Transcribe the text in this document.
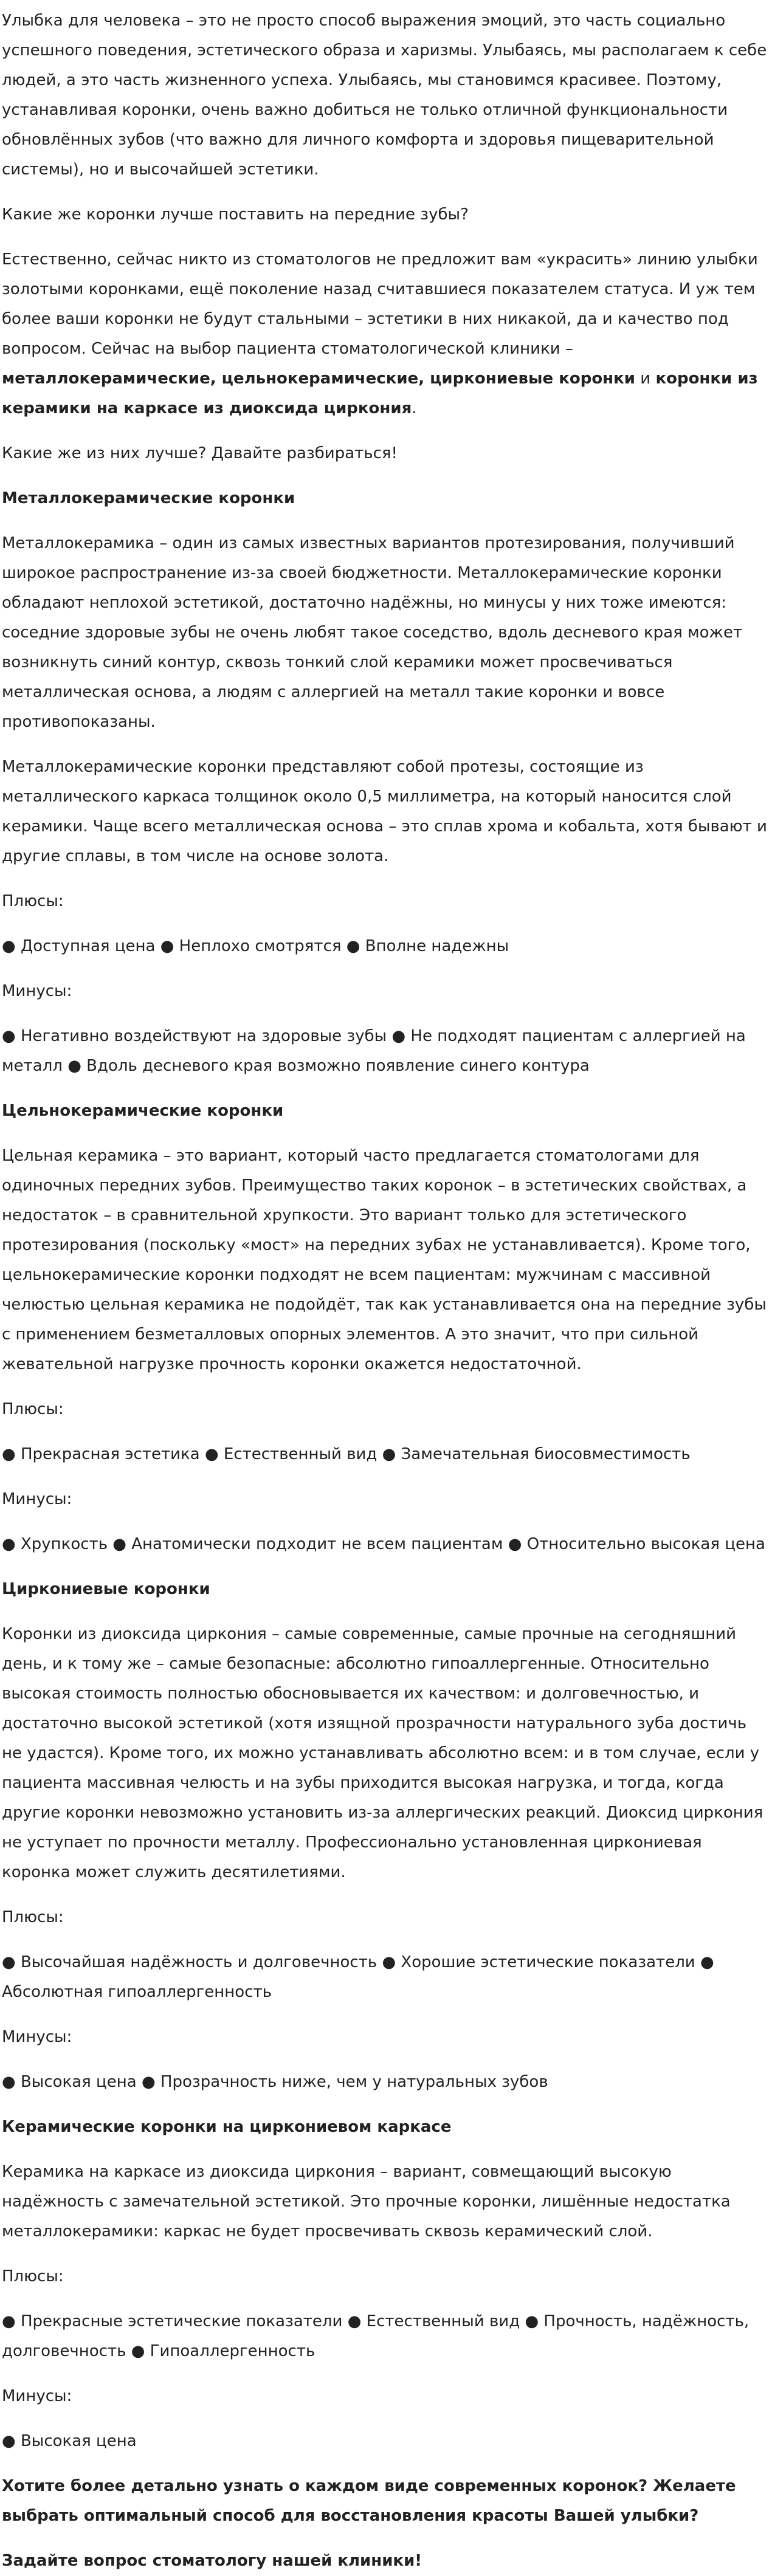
Улыбка для человека – это не просто способ выражения эмоций, это часть социально успешного поведения, эстетического образа и харизмы. Улыбаясь, мы располагаем к себе людей, а это часть жизненного успеха. Улыбаясь, мы становимся красивее. Поэтому, устанавливая коронки, очень важно добиться не только отличной функциональности обновлённых зубов (что важно для личного комфорта и здоровья пищеварительной системы), но и высочайшей эстетики.

Какие же коронки лучше поставить на передние зубы?

Естественно, сейчас никто из стоматологов не предложит вам «украсить» линию улыбки золотыми коронками, ещё поколение назад считавшиеся показателем статуса. И уж тем более ваши коронки не будут стальными – эстетики в них никакой, да и качество под вопросом. Сейчас на выбор пациента стоматологической клиники – металлокерамические, цельнокерамические, циркониевые коронки и коронки из керамики на каркасе из диоксида циркония.

Какие же из них лучше? Давайте разбираться!

Металлокерамические коронки

Металлокерамика – один из самых известных вариантов протезирования, получивший широкое распространение из-за своей бюджетности. Металлокерамические коронки обладают неплохой эстетикой, достаточно надёжны, но минусы у них тоже имеются: соседние здоровые зубы не очень любят такое соседство, вдоль десневого края может возникнуть синий контур, сквозь тонкий слой керамики может просвечиваться металлическая основа, а людям с аллергией на металл такие коронки и вовсе противопоказаны.

Металлокерамические коронки представляют собой протезы, состоящие из металлического каркаса толщинок около 0,5 миллиметра, на который наносится слой керамики. Чаще всего металлическая основа – это сплав хрома и кобальта, хотя бывают и другие сплавы, в том числе на основе золота.

Плюсы:

● Доступная цена ● Неплохо смотрятся ● Вполне надежны

Минусы:

● Негативно воздействуют на здоровые зубы ● Не подходят пациентам с аллергией на металл ● Вдоль десневого края возможно появление синего контура

Цельнокерамические коронки

Цельная керамика – это вариант, который часто предлагается стоматологами для одиночных передних зубов. Преимущество таких коронок – в эстетических свойствах, а недостаток – в сравнительной хрупкости. Это вариант только для эстетического протезирования (поскольку «мост» на передних зубах не устанавливается). Кроме того, цельнокерамические коронки подходят не всем пациентам: мужчинам с массивной челюстью цельная керамика не подойдёт, так как устанавливается она на передние зубы с применением безметалловых опорных элементов. А это значит, что при сильной жевательной нагрузке прочность коронки окажется недостаточной.

Плюсы:

● Прекрасная эстетика ● Естественный вид ● Замечательная биосовместимость

Минусы:

● Хрупкость ● Анатомически подходит не всем пациентам ● Относительно высокая цена

Циркониевые коронки

Коронки из диоксида циркония – самые современные, самые прочные на сегодняшний день, и к тому же – самые безопасные: абсолютно гипоаллергенные. Относительно высокая стоимость полностью обосновывается их качеством: и долговечностью, и достаточно высокой эстетикой (хотя изящной прозрачности натурального зуба достичь не удастся). Кроме того, их можно устанавливать абсолютно всем: и в том случае, если у пациента массивная челюсть и на зубы приходится высокая нагрузка, и тогда, когда другие коронки невозможно установить из-за аллергических реакций. Диоксид циркония не уступает по прочности металлу. Профессионально установленная циркониевая коронка может служить десятилетиями.

Плюсы:

● Высочайшая надёжность и долговечность ● Хорошие эстетические показатели ● Абсолютная гипоаллергенность

Минусы:

● Высокая цена ● Прозрачность ниже, чем у натуральных зубов

Керамические коронки на циркониевом каркасе

Керамика на каркасе из диоксида циркония – вариант, совмещающий высокую надёжность с замечательной эстетикой. Это прочные коронки, лишённые недостатка металлокерамики: каркас не будет просвечивать сквозь керамический слой.

Плюсы:

● Прекрасные эстетические показатели ● Естественный вид ● Прочность, надёжность, долговечность ● Гипоаллергенность

Минусы:

● Высокая цена

Хотите более детально узнать о каждом виде современных коронок? Желаете выбрать оптимальный способ для восстановления красоты Вашей улыбки?

Задайте вопрос стоматологу нашей клиники!
